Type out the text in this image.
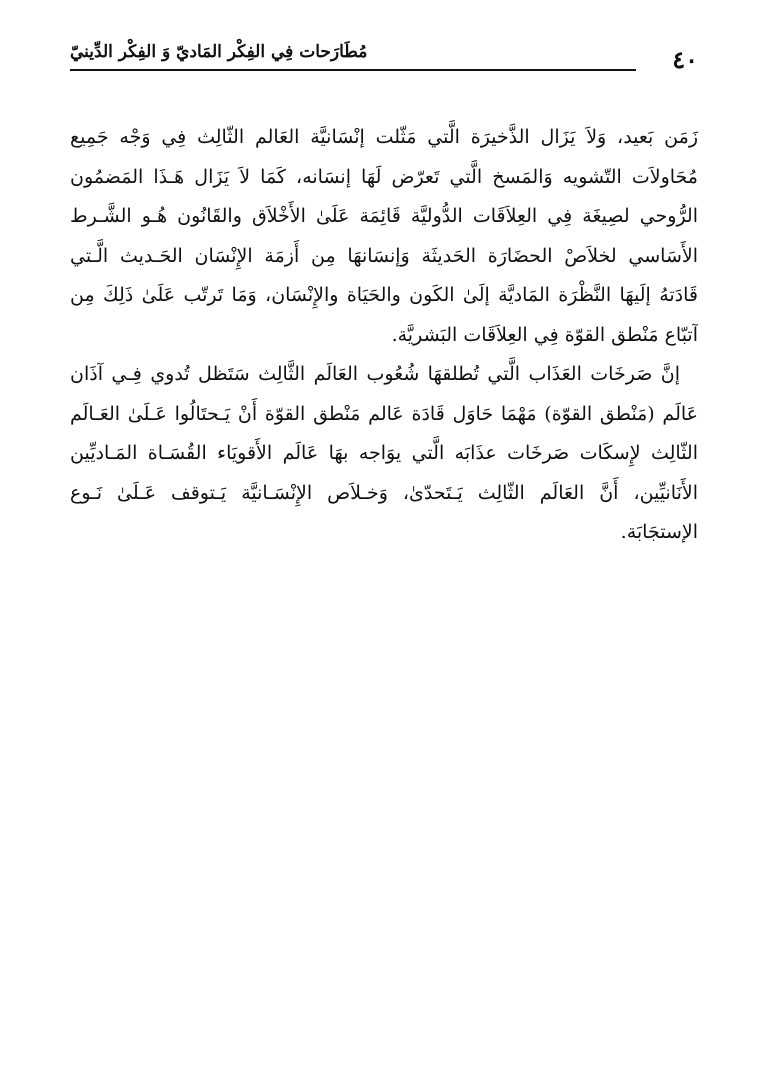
٤٠
مُطَارَحات فِي الفِكْر المَاديّ وَ الفِكْر الدِّينيّ
زَمَن بَعيد، وَلاَ يَزَال الذَّخيرَة الَّتي مَثّلت إنْسَانيَّة العَالم الثّالِث فِي وَجْه جَمِيع
مُحَاولاَت التّشويه وَالمَسخ الَّتي تَعرّض لَهَا إنسَانه، كَمَا لاَ يَزَال هَـذَا المَضمُون
الرُّوحي لصِيغَة فِي العِلاَقَات الدُّوليَّة قَائِمَة عَلَىٰ الأَخْلاَق والقَانُون هُـو الشَّـرط
الأَسَاسي لخلاَصْ الحضَارَة الحَديثَة وَإنسَانهَا مِن أَزمَة الإِنْسَان الحَـديث الَّـتي
قَادَتهُ إلَيهَا النَّظْرَة المَاديَّة إلَىٰ الكَون والحَيَاة والإِنْسَان، وَمَا تَرتّب عَلَىٰ ذَلِكَ مِن
آتبّاع مَنْطق القوّة فِي العِلاَقَات البَشريَّة.
إنَّ صَرخَات العَذَاب الَّتي تُطلقهَا شُعُوب العَالَم الثَّالِث سَتَظل تُدوي فِـي آذَان
عَالَم (مَنْطق القوّة) مَهْمَا حَاوَل قَادَة عَالم مَنْطق القوّة أَنْ يَـحتَالُوا عَـلَىٰ العَـالَم
الثّالِث لإِسكَات صَرخَات عذَابَه الَّتي يوَاجه بهَا عَالَم الأَقويَاء القُسَـاة المَـاديِّين
الأَنَانيِّين، أَنَّ العَالَم الثّالِث يَـتَحدّىٰ، وَخـلاَص الإِنْسَـانيَّة يَـتوقف عَـلَىٰ نَـوع
الإستجَابَة.
